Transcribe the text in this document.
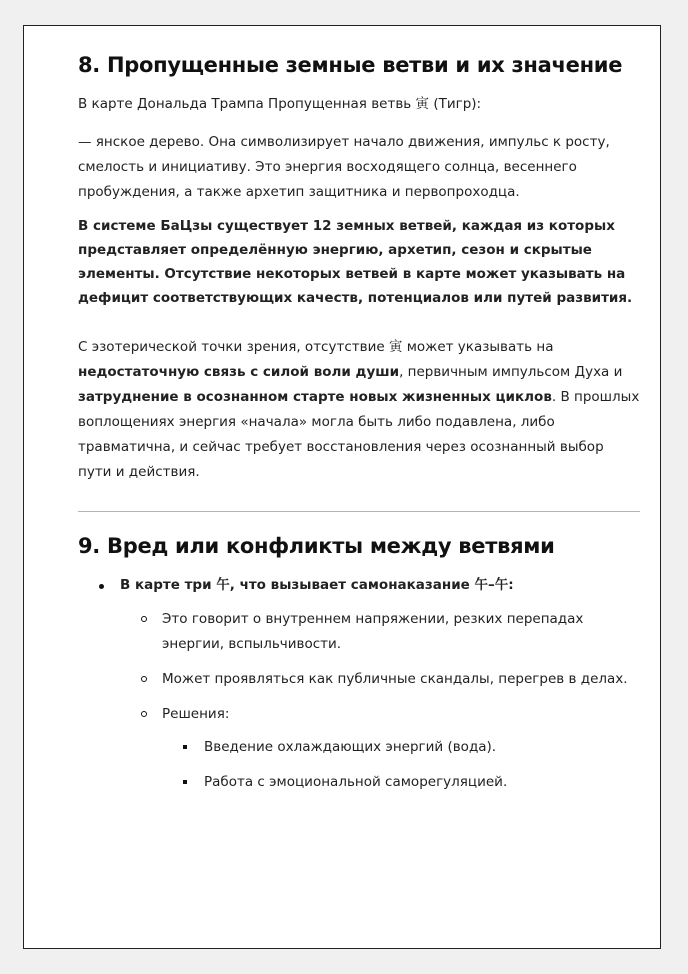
8. Пропущенные земные ветви и их значение

В карте Дональда Трампа Пропущенная ветвь 寅 (Тигр):

— янское дерево. Она символизирует начало движения, импульс к росту, смелость и инициативу. Это энергия восходящего солнца, весеннего пробуждения, а также архетип защитника и первопроходца.

В системе БаЦзы существует 12 земных ветвей, каждая из которых представляет определённую энергию, архетип, сезон и скрытые элементы. Отсутствие некоторых ветвей в карте может указывать на дефицит соответствующих качеств, потенциалов или путей развития.

С эзотерической точки зрения, отсутствие 寅 может указывать на недостаточную связь с силой воли души, первичным импульсом Духа и затруднение в осознанном старте новых жизненных циклов. В прошлых воплощениях энергия «начала» могла быть либо подавлена, либо травматична, и сейчас требует восстановления через осознанный выбор пути и действия.

9. Вред или конфликты между ветвями
В карте три 午, что вызывает самонаказание 午–午:
Это говорит о внутреннем напряжении, резких перепадах энергии, вспыльчивости.
Может проявляться как публичные скандалы, перегрев в делах.
Решения:
Введение охлаждающих энергий (вода).
Работа с эмоциональной саморегуляцией.
